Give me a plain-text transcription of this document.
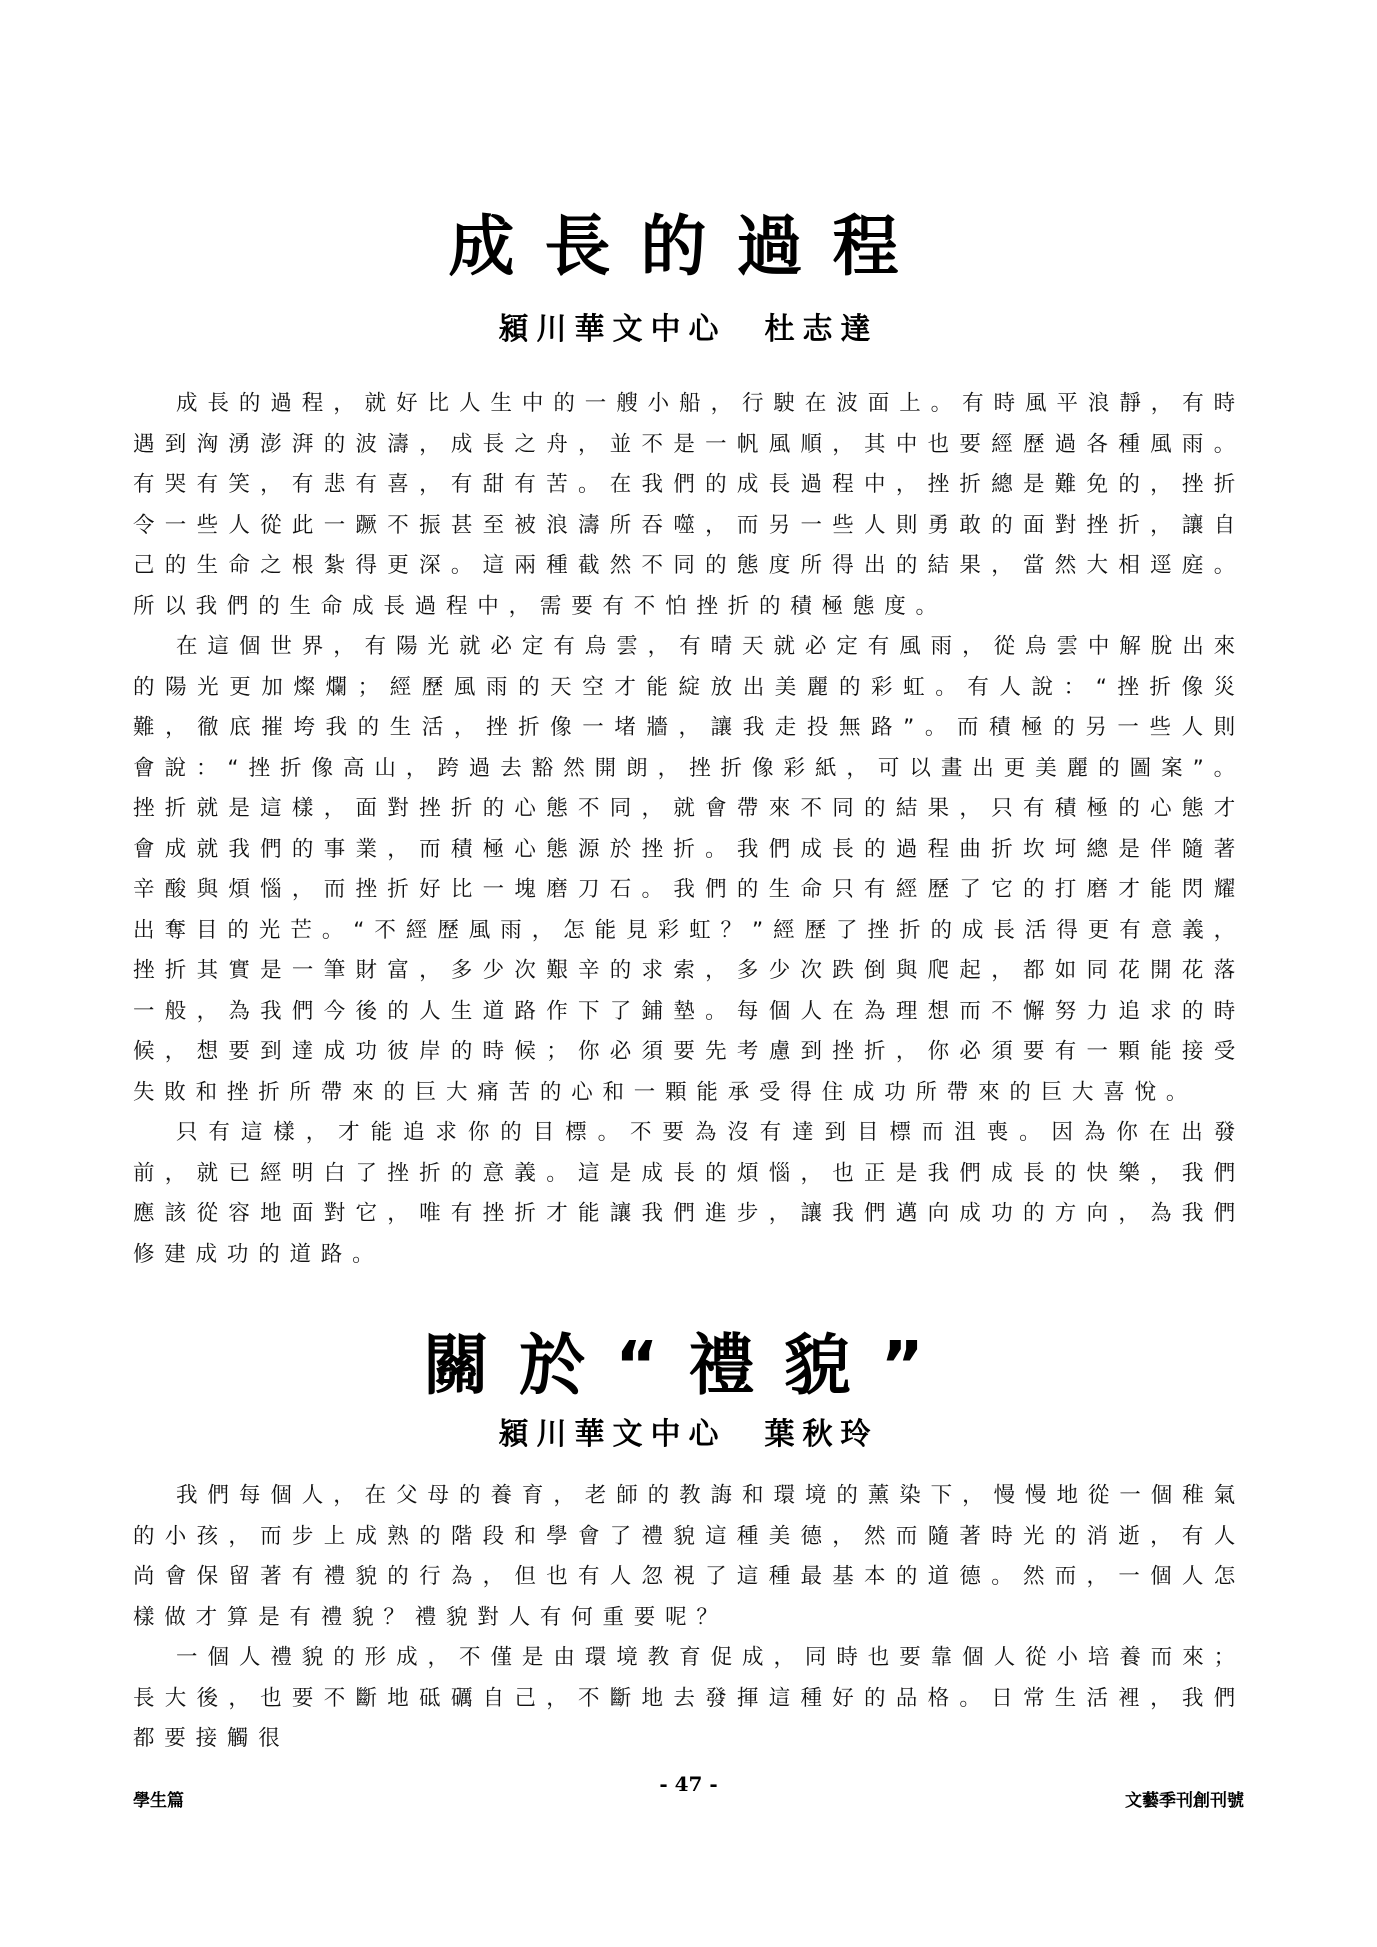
成長的過程
潁川華文中心　杜志達

成長的過程，就好比人生中的一艘小船，行駛在波面上。有時風平浪靜，有時遇到洶湧澎湃的波濤，成長之舟，並不是一帆風順，其中也要經歷過各種風雨。有哭有笑，有悲有喜，有甜有苦。在我們的成長過程中，挫折總是難免的，挫折令一些人從此一蹶不振甚至被浪濤所吞噬，而另一些人則勇敢的面對挫折，讓自己的生命之根紮得更深。這兩種截然不同的態度所得出的結果，當然大相逕庭。所以我們的生命成長過程中，需要有不怕挫折的積極態度。

在這個世界，有陽光就必定有烏雲，有晴天就必定有風雨，從烏雲中解脫出來的陽光更加燦爛；經歷風雨的天空才能綻放出美麗的彩虹。有人說：“挫折像災難，徹底摧垮我的生活，挫折像一堵牆，讓我走投無路”。而積極的另一些人則會說：“挫折像高山，跨過去豁然開朗，挫折像彩紙，可以畫出更美麗的圖案”。挫折就是這樣，面對挫折的心態不同，就會帶來不同的結果，只有積極的心態才會成就我們的事業，而積極心態源於挫折。我們成長的過程曲折坎坷總是伴隨著辛酸與煩惱，而挫折好比一塊磨刀石。我們的生命只有經歷了它的打磨才能閃耀出奪目的光芒。“不經歷風雨，怎能見彩虹？”經歷了挫折的成長活得更有意義，挫折其實是一筆財富，多少次艱辛的求索，多少次跌倒與爬起，都如同花開花落一般，為我們今後的人生道路作下了鋪墊。每個人在為理想而不懈努力追求的時候，想要到達成功彼岸的時候；你必須要先考慮到挫折，你必須要有一顆能接受失敗和挫折所帶來的巨大痛苦的心和一顆能承受得住成功所帶來的巨大喜悅。

只有這樣，才能追求你的目標。不要為沒有達到目標而沮喪。因為你在出發前，就已經明白了挫折的意義。這是成長的煩惱，也正是我們成長的快樂，我們應該從容地面對它，唯有挫折才能讓我們進步，讓我們邁向成功的方向，為我們修建成功的道路。

關於“禮貌”
潁川華文中心　葉秋玲

我們每個人，在父母的養育，老師的教誨和環境的薰染下，慢慢地從一個稚氣的小孩，而步上成熟的階段和學會了禮貌這種美德，然而隨著時光的消逝，有人尚會保留著有禮貌的行為，但也有人忽視了這種最基本的道德。然而，一個人怎樣做才算是有禮貌？禮貌對人有何重要呢？

一個人禮貌的形成，不僅是由環境教育促成，同時也要靠個人從小培養而來；長大後，也要不斷地砥礪自己，不斷地去發揮這種好的品格。日常生活裡，我們都要接觸很

學生篇
- 47 -
文藝季刊創刊號
